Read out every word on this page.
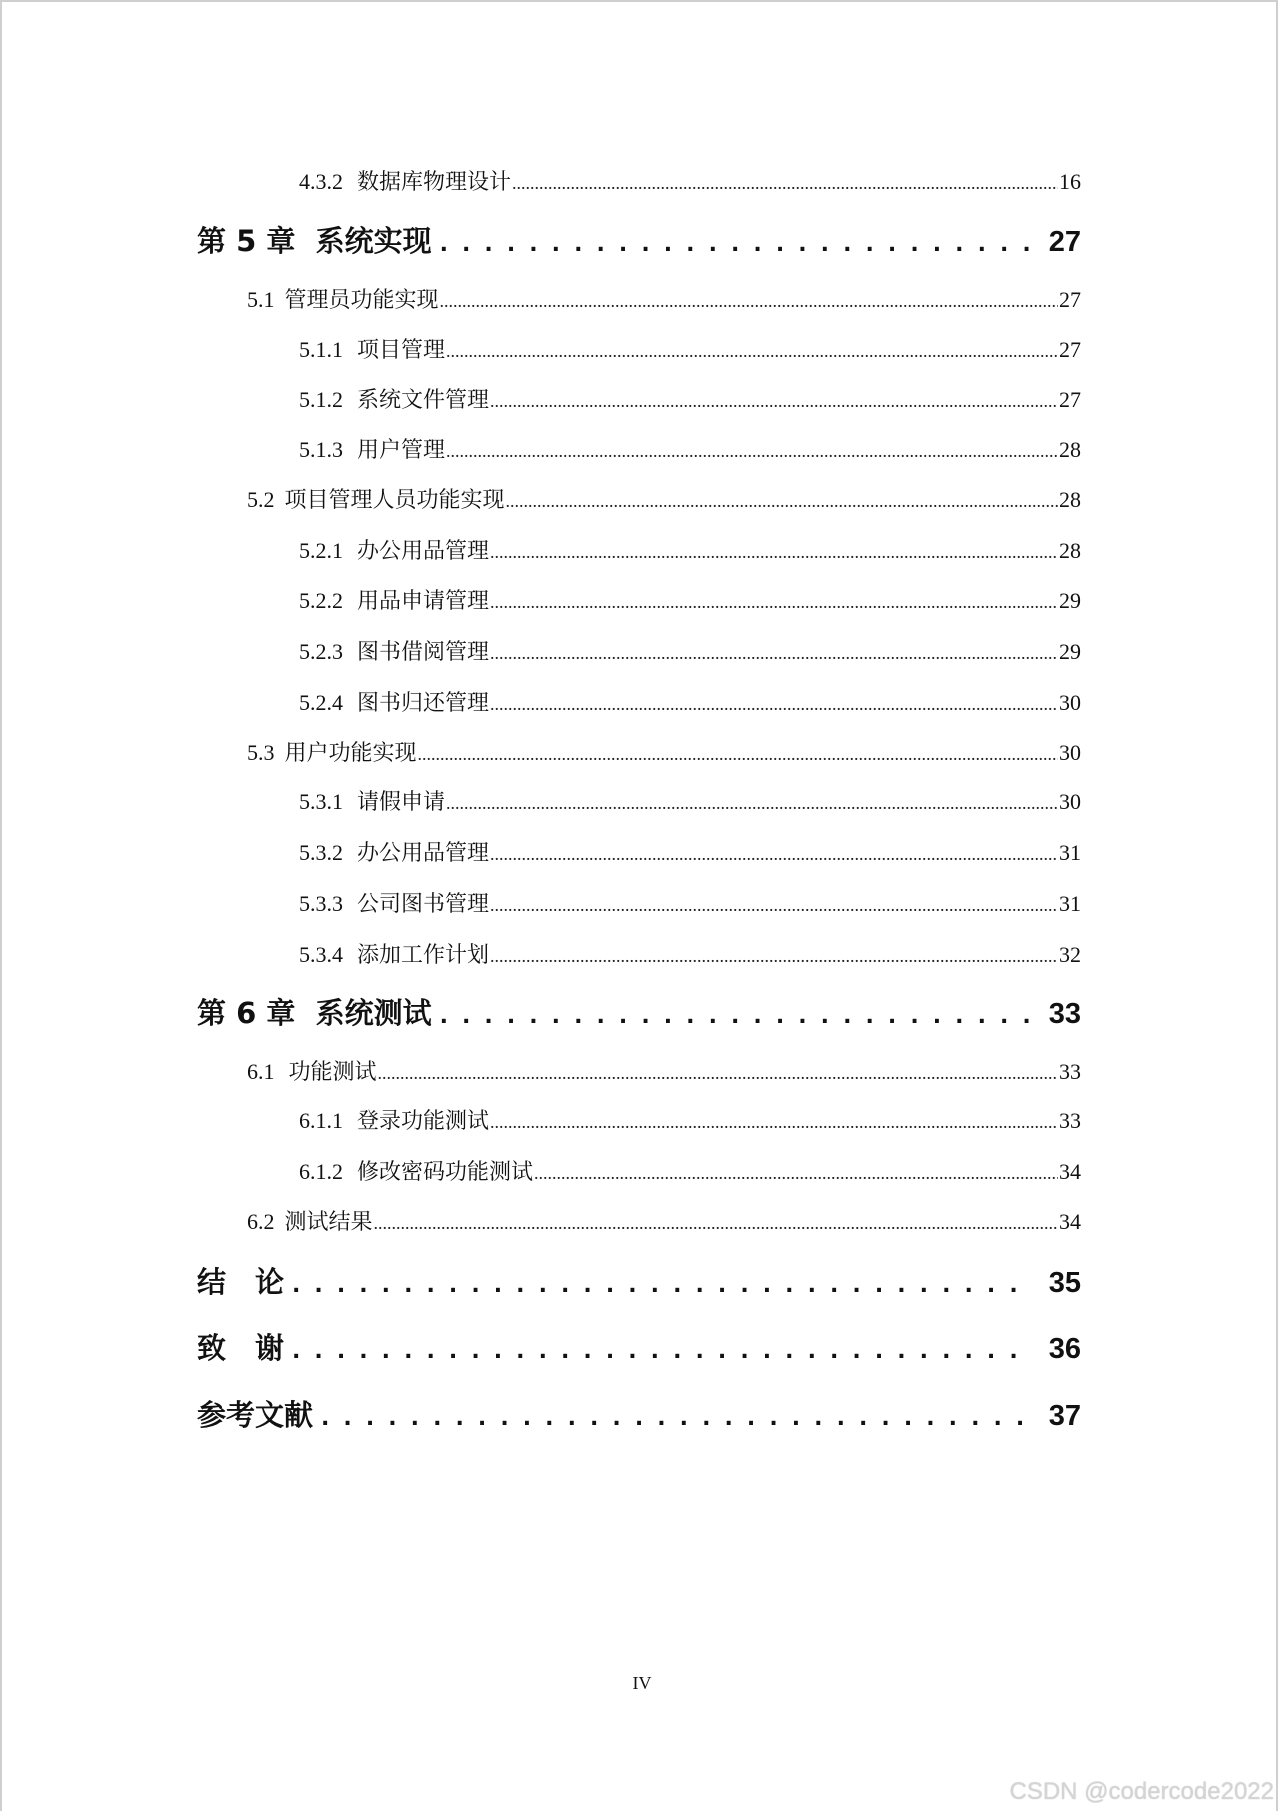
4.3.2 数据库物理设计 .....	16
第 5 章 系统实现 . . .	27
5.1 管理员功能实现 .....	27
5.1.1 项目管理 .....	27
5.1.2 系统文件管理 .....	27
5.1.3 用户管理 .....	28
5.2 项目管理人员功能实现 .....	28
5.2.1 办公用品管理 .....	28
5.2.2 用品申请管理 .....	29
5.2.3 图书借阅管理 .....	29
5.2.4 图书归还管理 .....	30
5.3 用户功能实现 .....	30
5.3.1 请假申请 .....	30
5.3.2 办公用品管理 .....	31
5.3.3 公司图书管理 .....	31
5.3.4 添加工作计划 .....	32
第 6 章 系统测试 . . .	33
6.1 功能测试 .....	33
6.1.1 登录功能测试 .....	33
6.1.2 修改密码功能测试 .....	34
6.2 测试结果 .....	34
结　论 . . .	35
致　谢 . . .	36
参考文献 . . .	37
IV
CSDN @codercode2022
